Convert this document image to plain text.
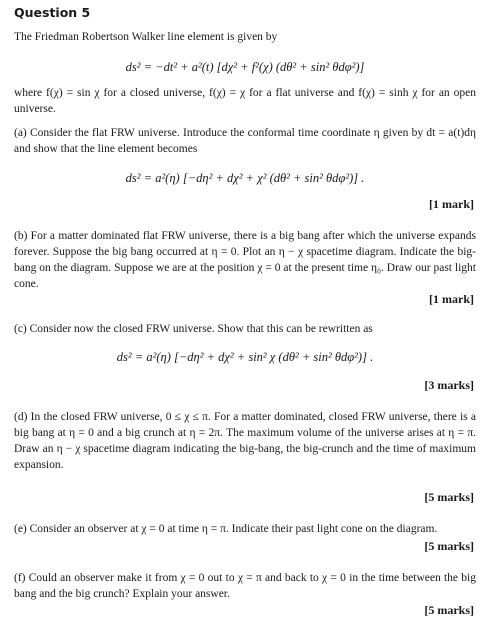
Question 5
The Friedman Robertson Walker line element is given by
ds² = −dt² + a²(t) [dχ² + f²(χ) (dθ² + sin² θdφ²)]
where f(χ) = sin χ for a closed universe, f(χ) = χ for a flat universe and f(χ) = sinh χ for an open universe.
(a) Consider the flat FRW universe. Introduce the conformal time coordinate η given by dt = a(t)dη and show that the line element becomes
ds² = a²(η) [−dη² + dχ² + χ² (dθ² + sin² θdφ²)] .
[1 mark]
(b) For a matter dominated flat FRW universe, there is a big bang after which the universe expands forever. Suppose the big bang occurred at η = 0. Plot an η − χ spacetime diagram. Indicate the big-bang on the diagram. Suppose we are at the position χ = 0 at the present time η₀. Draw our past light cone.
[1 mark]
(c) Consider now the closed FRW universe. Show that this can be rewritten as
ds² = a²(η) [−dη² + dχ² + sin² χ (dθ² + sin² θdφ²)] .
[3 marks]
(d) In the closed FRW universe, 0 ≤ χ ≤ π. For a matter dominated, closed FRW universe, there is a big bang at η = 0 and a big crunch at η = 2π. The maximum volume of the universe arises at η = π. Draw an η − χ spacetime diagram indicating the big-bang, the big-crunch and the time of maximum expansion.
[5 marks]
(e) Consider an observer at χ = 0 at time η = π. Indicate their past light cone on the diagram.
[5 marks]
(f) Could an observer make it from χ = 0 out to χ = π and back to χ = 0 in the time between the big bang and the big crunch? Explain your answer.
[5 marks]
